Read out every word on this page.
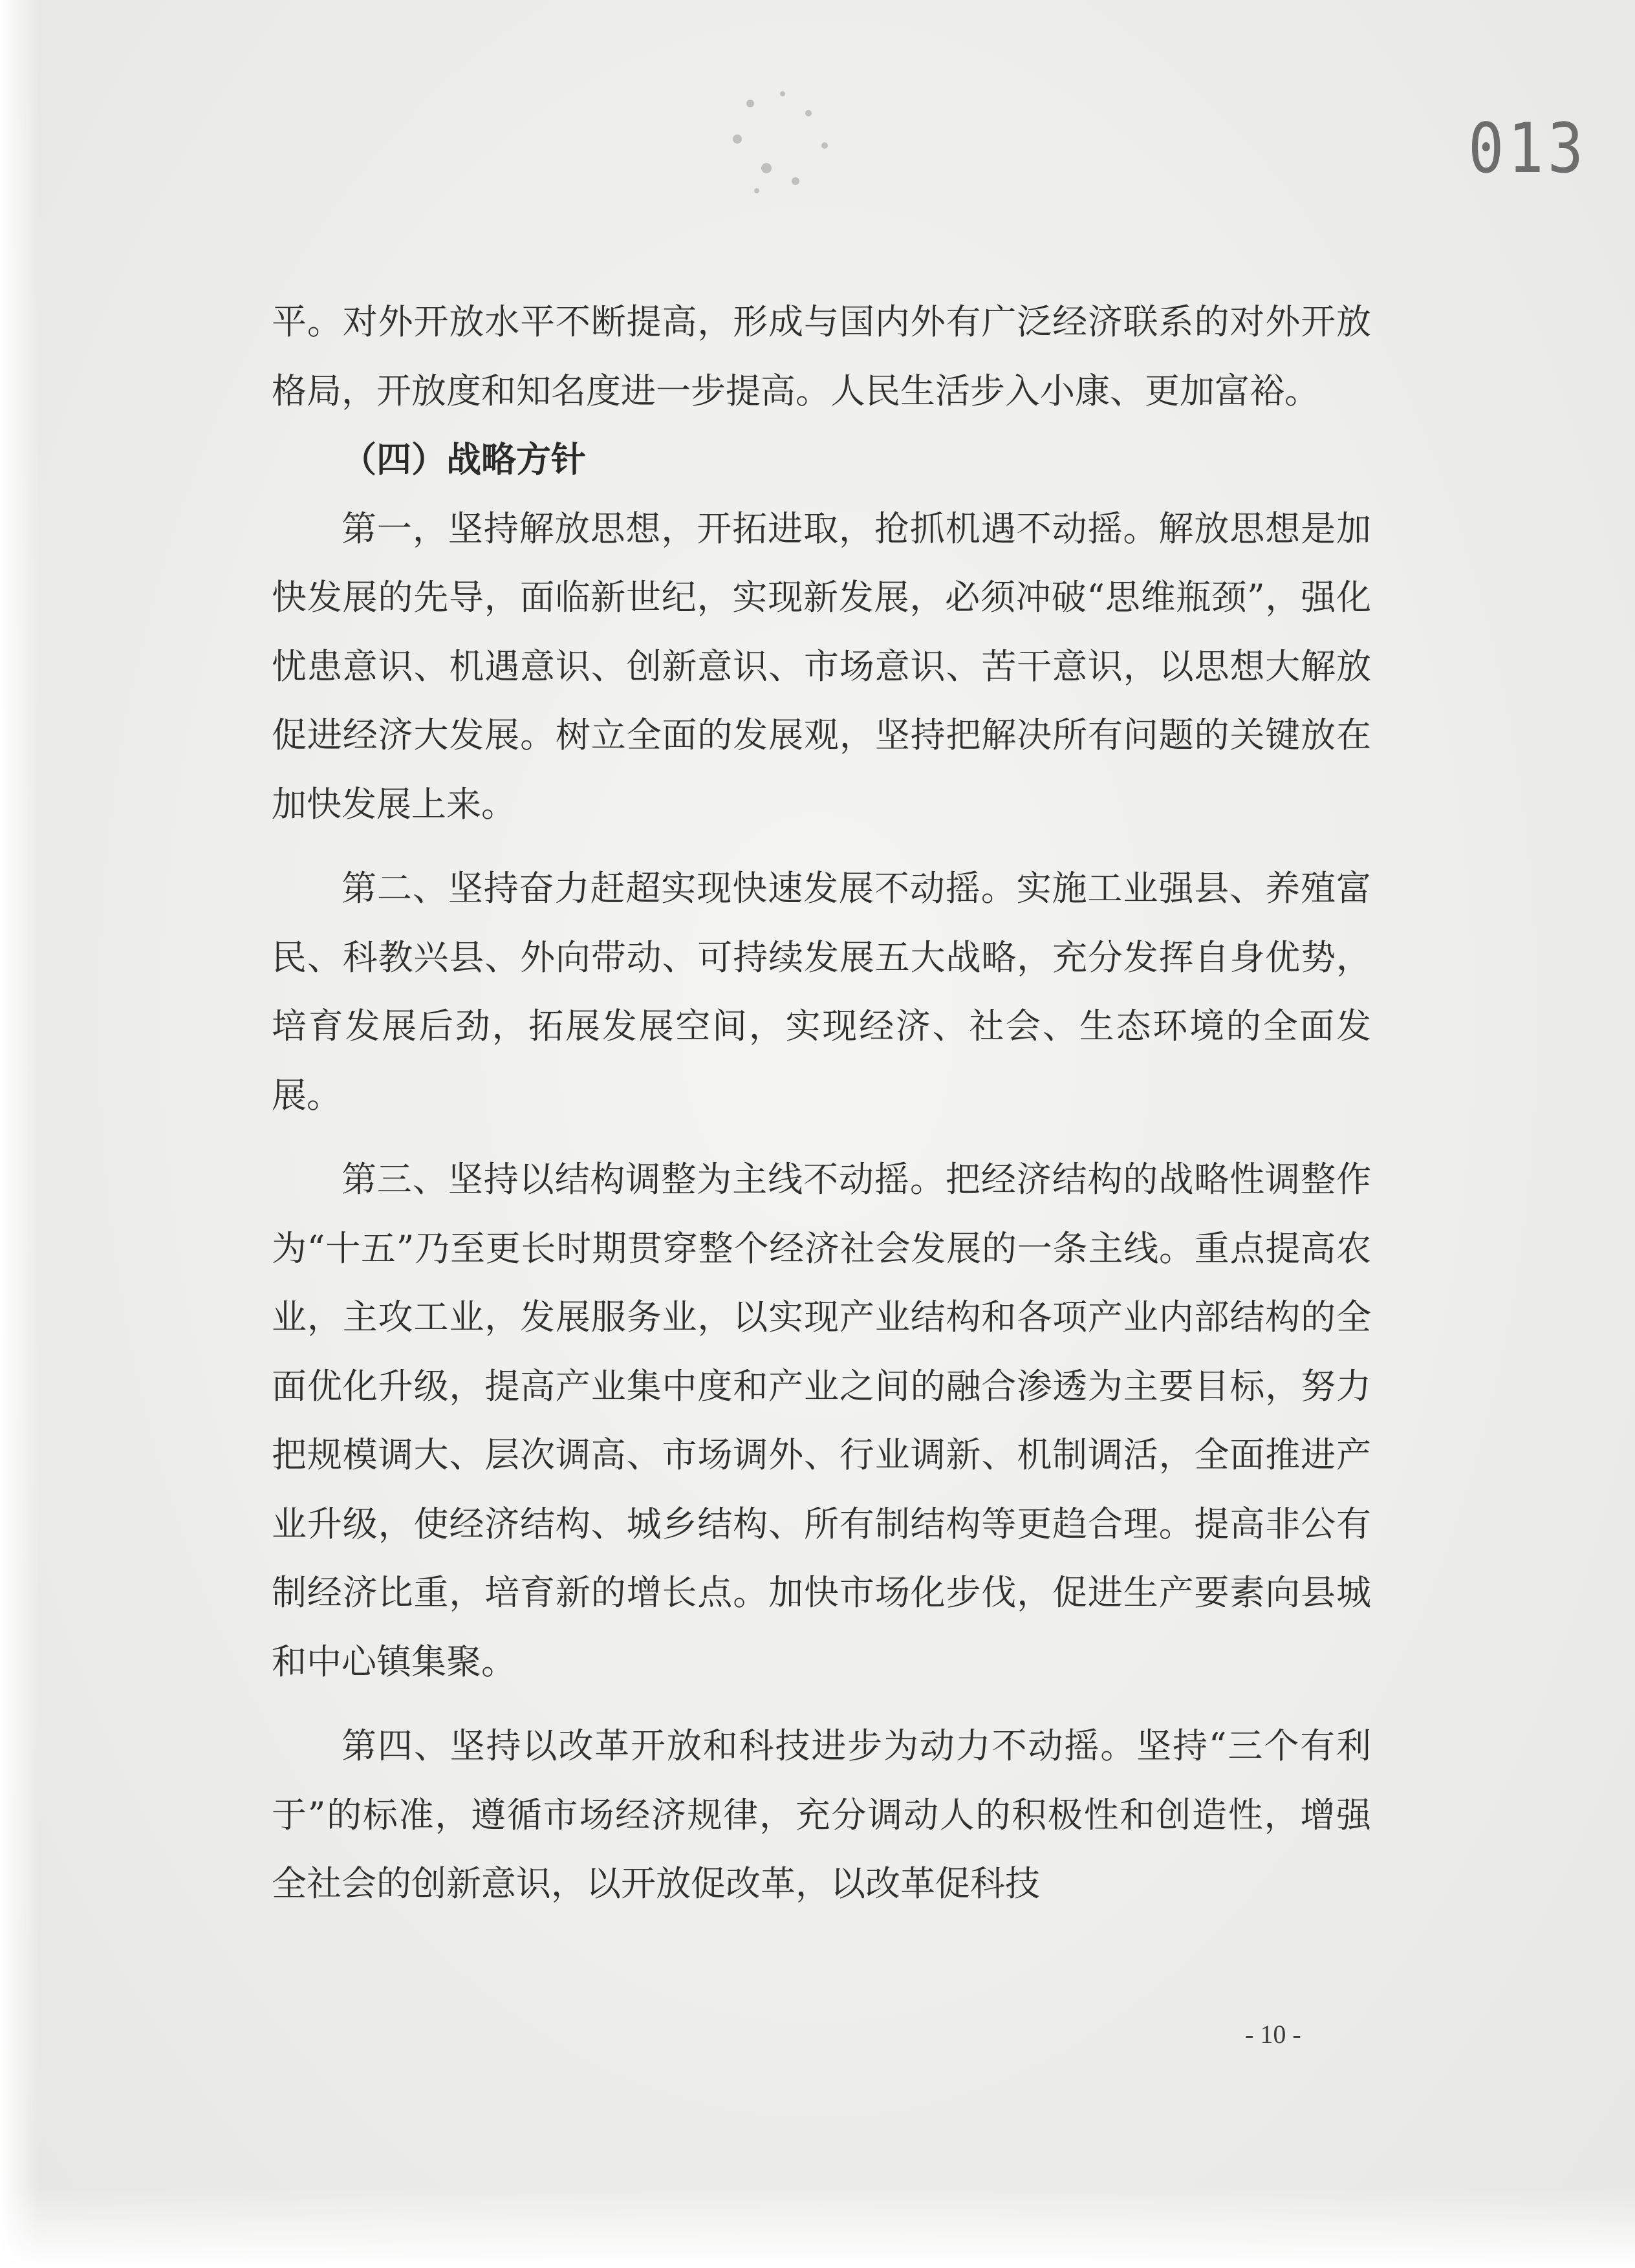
013

平。对外开放水平不断提高，形成与国内外有广泛经济联系的对外开放格局，开放度和知名度进一步提高。人民生活步入小康、更加富裕。

（四）战略方针

第一，坚持解放思想，开拓进取，抢抓机遇不动摇。解放思想是加快发展的先导，面临新世纪，实现新发展，必须冲破“思维瓶颈”，强化忧患意识、机遇意识、创新意识、市场意识、苦干意识，以思想大解放促进经济大发展。树立全面的发展观，坚持把解决所有问题的关键放在加快发展上来。

第二、坚持奋力赶超实现快速发展不动摇。实施工业强县、养殖富民、科教兴县、外向带动、可持续发展五大战略，充分发挥自身优势，培育发展后劲，拓展发展空间，实现经济、社会、生态环境的全面发展。

第三、坚持以结构调整为主线不动摇。把经济结构的战略性调整作为“十五”乃至更长时期贯穿整个经济社会发展的一条主线。重点提高农业，主攻工业，发展服务业，以实现产业结构和各项产业内部结构的全面优化升级，提高产业集中度和产业之间的融合渗透为主要目标，努力把规模调大、层次调高、市场调外、行业调新、机制调活，全面推进产业升级，使经济结构、城乡结构、所有制结构等更趋合理。提高非公有制经济比重，培育新的增长点。加快市场化步伐，促进生产要素向县城和中心镇集聚。

第四、坚持以改革开放和科技进步为动力不动摇。坚持“三个有利于”的标准，遵循市场经济规律，充分调动人的积极性和创造性，增强全社会的创新意识，以开放促改革，以改革促科技

- 10 -
